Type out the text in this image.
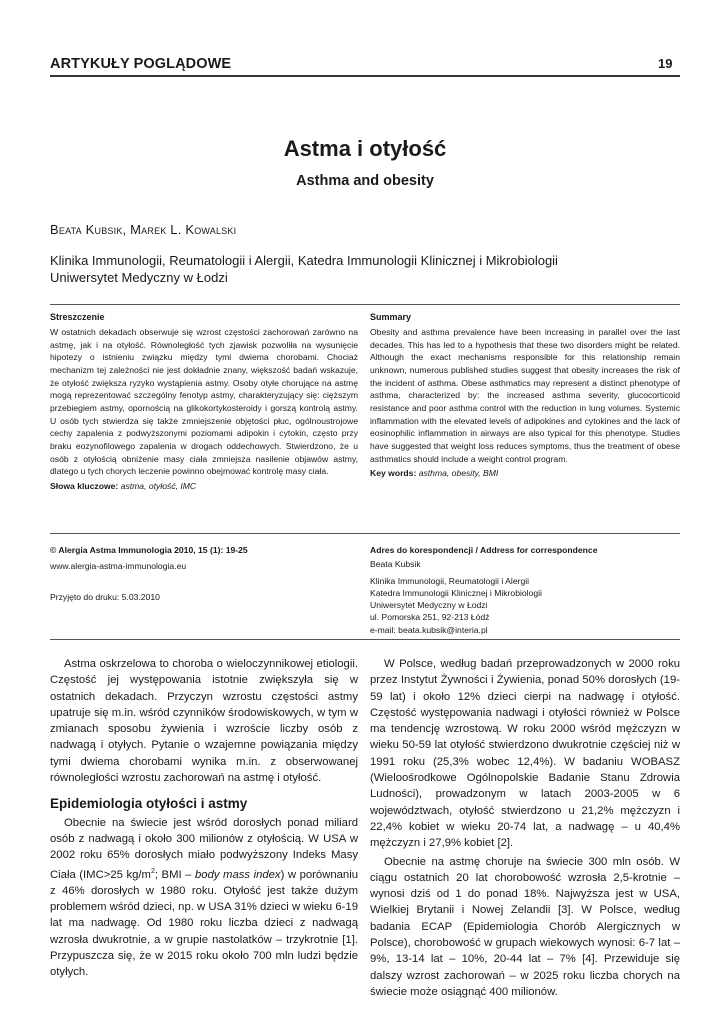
ARTYKUŁY POGLĄDOWE	19
Astma i otyłość
Asthma and obesity
Beata Kubsik, Marek L. Kowalski
Klinika Immunologii, Reumatologii i Alergii, Katedra Immunologii Klinicznej i Mikrobiologii
Uniwersytet Medyczny w Łodzi
Streszczenie

W ostatnich dekadach obserwuje się wzrost częstości zachorowań zarówno na astmę, jak i na otyłość. Równoległość tych zjawisk pozwoliła na wysunięcie hipotezy o istnieniu związku między tymi dwiema chorobami. Chociaż mechanizm tej zależności nie jest dokładnie znany, większość badań wskazuje, że otyłość zwiększa ryzyko wystąpienia astmy. Osoby otyłe chorujące na astmę mogą reprezentować szczególny fenotyp astmy, charakteryzujący się: cięższym przebiegiem astmy, opornością na glikokortykosteroidy i gorszą kontrolą astmy. U osób tych stwierdza się także zmniejszenie objętości płuc, ogólnoustrojowe cechy zapalenia z podwyższonymi poziomami adipokin i cytokin, często przy braku eozynofilowego zapalenia w drogach oddechowych. Stwierdzono, że u osób z otyłością obniżenie masy ciała zmniejsza nasilenie objawów astmy, dlatego u tych chorych leczenie powinno obejmować kontrolę masy ciała.

Słowa kluczowe: astma, otyłość, IMC

Summary

Obesity and asthma prevalence have been increasing in parallel over the last decades. This has led to a hypothesis that these two disorders might be related. Although the exact mechanisms responsible for this relationship remain unknown, numerous published studies suggest that obesity increases the risk of the incident of asthma. Obese asthmatics may represent a distinct phenotype of asthma, characterized by: the increased asthma severity, glucocorticoid resistance and poor asthma control with the reduction in lung volumes. Systemic inflammation with the elevated levels of adipokines and cytokines and the lack of eosinophilic inflammation in airways are also typical for this phenotype. Studies have suggested that weight loss reduces symptoms, thus the treatment of obese asthmatics should include a weight control program.

Key words: asthma, obesity, BMI

© Alergia Astma Immunologia 2010, 15 (1): 19-25
www.alergia-astma-immunologia.eu
Przyjęto do druku: 5.03.2010
Adres do korespondencji / Address for correspondence
Beata Kubsik
Klinika Immunologii, Reumatologii i Alergii
Katedra Immunologii Klinicznej i Mikrobiologii
Uniwersytet Medyczny w Łodzi
ul. Pomorska 251, 92-213 Łódź
e-mail: beata.kubsik@interia.pl

Astma oskrzelowa to choroba o wieloczynnikowej etiologii. Częstość jej występowania istotnie zwiększyła się w ostatnich dekadach. Przyczyn wzrostu częstości astmy upatruje się m.in. wśród czynników środowiskowych, w tym w zmianach sposobu żywienia i wzroście liczby osób z nadwagą i otyłych. Pytanie o wzajemne powiązania między tymi dwiema chorobami wynika m.in. z obserwowanej równoległości wzrostu zachorowań na astmę i otyłość.

Epidemiologia otyłości i astmy

Obecnie na świecie jest wśród dorosłych ponad miliard osób z nadwagą i około 300 milionów z otyłością. W USA w 2002 roku 65% dorosłych miało podwyższony Indeks Masy Ciała (IMC>25 $kg/m^2$; BMI – body mass index) w porównaniu z 46% dorosłych w 1980 roku. Otyłość jest także dużym problemem wśród dzieci, np. w USA 31% dzieci w wieku 6-19 lat ma nadwagę. Od 1980 roku liczba dzieci z nadwagą wzrosła dwukrotnie, a w grupie nastolatków – trzykrotnie [1]. Przypuszcza się, że w 2015 roku około 700 mln ludzi będzie otyłych.

W Polsce, według badań przeprowadzonych w 2000 roku przez Instytut Żywności i Żywienia, ponad 50% dorosłych (19-59 lat) i około 12% dzieci cierpi na nadwagę i otyłość. Częstość występowania nadwagi i otyłości również w Polsce ma tendencję wzrostową. W roku 2000 wśród mężczyzn w wieku 50-59 lat otyłość stwierdzono dwukrotnie częściej niż w 1991 roku (25,3% wobec 12,4%). W badaniu WOBASZ (Wieloośrodkowe Ogólnopolskie Badanie Stanu Zdrowia Ludności), prowadzonym w latach 2003-2005 w 6 województwach, otyłość stwierdzono u 21,2% mężczyzn i 22,4% kobiet w wieku 20-74 lat, a nadwagę – u 40,4% mężczyzn i 27,9% kobiet [2].

Obecnie na astmę choruje na świecie 300 mln osób. W ciągu ostatnich 20 lat chorobowość wzrosła 2,5-krotnie – wynosi dziś od 1 do ponad 18%. Najwyższa jest w USA, Wielkiej Brytanii i Nowej Zelandii [3]. W Polsce, według badania ECAP (Epidemiologia Chorób Alergicznych w Polsce), chorobowość w grupach wiekowych wynosi: 6-7 lat – 9%, 13-14 lat – 10%, 20-44 lat – 7% [4]. Przewiduje się dalszy wzrost zachorowań – w 2025 roku liczba chorych na świecie może osiągnąć 400 milionów.
